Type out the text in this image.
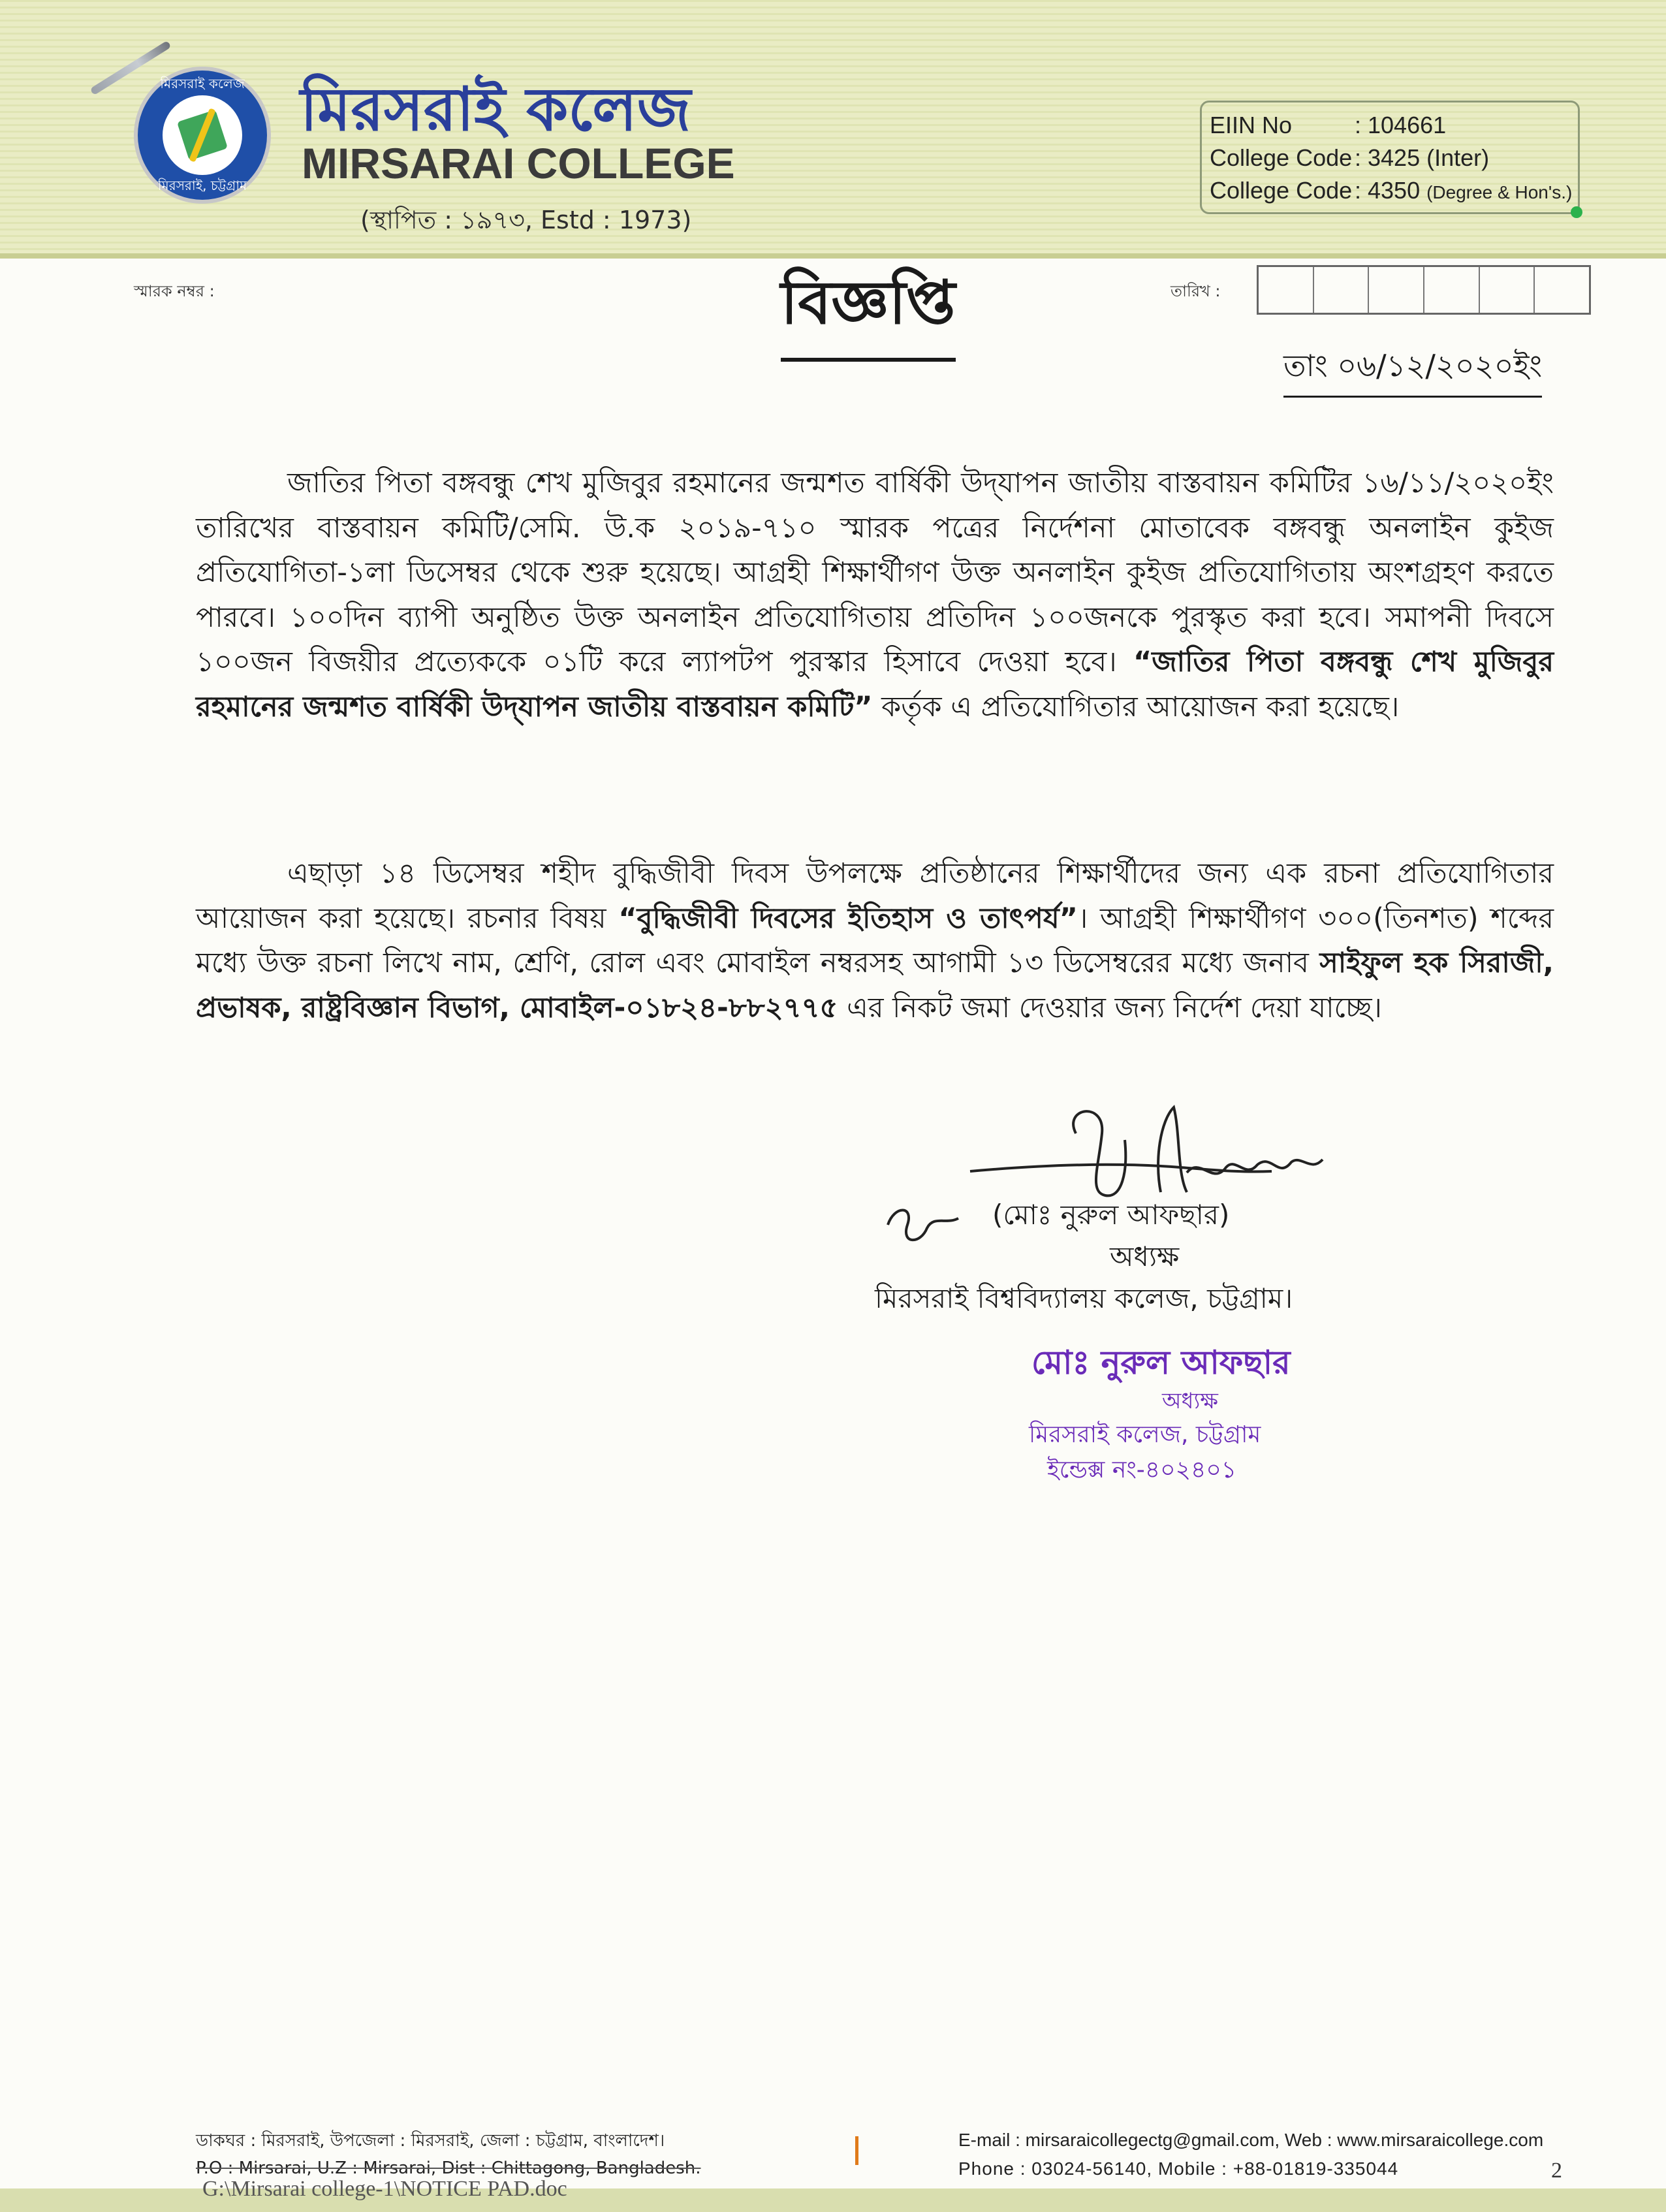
মিরসরাই কলেজ
মিরসরাই, চট্টগ্রাম
মিরসরাই কলেজ
MIRSARAI COLLEGE
(স্থাপিত : ১৯৭৩, Estd : 1973)
EIIN No	: 104661
College Code : 3425 (Inter)
College Code : 4350 (Degree & Hon's.)
স্মারক নম্বর :	বিজ্ঞপ্তি	তারিখ :
তাং ০৬/১২/২০২০ইং
জাতির পিতা বঙ্গবন্ধু শেখ মুজিবুর রহমানের জন্মশত বার্ষিকী উদ্‌যাপন জাতীয় বাস্তবায়ন কমিটির ১৬/১১/২০২০ইং তারিখের বাস্তবায়ন কমিটি/সেমি. উ.ক ২০১৯-৭১০ স্মারক পত্রের নির্দেশনা মোতাবেক বঙ্গবন্ধু অনলাইন কুইজ প্রতিযোগিতা-১লা ডিসেম্বর থেকে শুরু হয়েছে। আগ্রহী শিক্ষার্থীগণ উক্ত অনলাইন কুইজ প্রতিযোগিতায় অংশগ্রহণ করতে পারবে। ১০০দিন ব্যাপী অনুষ্ঠিত উক্ত অনলাইন প্রতিযোগিতায় প্রতিদিন ১০০জনকে পুরস্কৃত করা হবে। সমাপনী দিবসে ১০০জন বিজয়ীর প্রত্যেককে ০১টি করে ল্যাপটপ পুরস্কার হিসাবে দেওয়া হবে। “জাতির পিতা বঙ্গবন্ধু শেখ মুজিবুর রহমানের জন্মশত বার্ষিকী উদ্‌যাপন জাতীয় বাস্তবায়ন কমিটি” কর্তৃক এ প্রতিযোগিতার আয়োজন করা হয়েছে।
এছাড়া ১৪ ডিসেম্বর শহীদ বুদ্ধিজীবী দিবস উপলক্ষে প্রতিষ্ঠানের শিক্ষার্থীদের জন্য এক রচনা প্রতিযোগিতার আয়োজন করা হয়েছে। রচনার বিষয় “বুদ্ধিজীবী দিবসের ইতিহাস ও তাৎপর্য”। আগ্রহী শিক্ষার্থীগণ ৩০০(তিনশত) শব্দের মধ্যে উক্ত রচনা লিখে নাম, শ্রেণি, রোল এবং মোবাইল নম্বরসহ আগামী ১৩ ডিসেম্বরের মধ্যে জনাব সাইফুল হক সিরাজী, প্রভাষক, রাষ্ট্রবিজ্ঞান বিভাগ, মোবাইল-০১৮২৪-৮৮২৭৭৫ এর নিকট জমা দেওয়ার জন্য নির্দেশ দেয়া যাচ্ছে।
(মোঃ নুরুল আফছার)
অধ্যক্ষ
মিরসরাই বিশ্ববিদ্যালয় কলেজ, চট্টগ্রাম।
মোঃ নুরুল আফছার
অধ্যক্ষ
মিরসরাই কলেজ, চট্টগ্রাম
ইন্ডেক্স নং-৪০২৪০১
ডাকঘর : মিরসরাই, উপজেলা : মিরসরাই, জেলা : চট্টগ্রাম, বাংলাদেশ।
P.O : Mirsarai, U.Z : Mirsarai, Dist : Chittagong, Bangladesh.
E-mail : mirsaraicollegectg@gmail.com, Web : www.mirsaraicollege.com
Phone : 03024-56140, Mobile : +88-01819-335044	2
G:\Mirsarai college-1\NOTICE PAD.doc
